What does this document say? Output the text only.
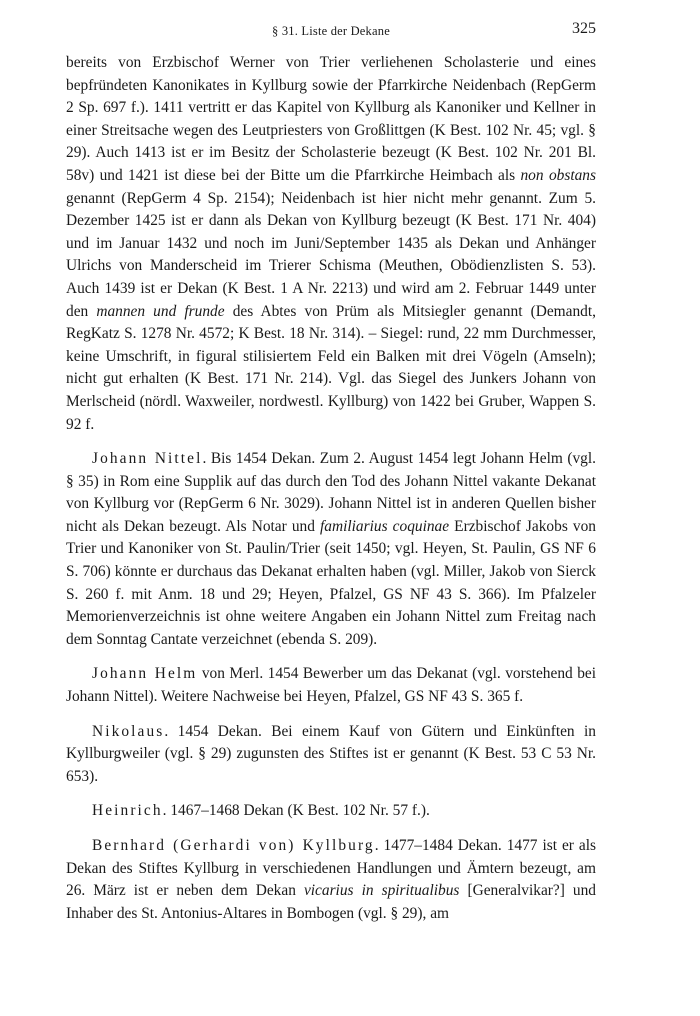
§ 31. Liste der Dekane	325

bereits von Erzbischof Werner von Trier verliehenen Scholasterie und eines bepfründeten Kanonikates in Kyllburg sowie der Pfarrkirche Neidenbach (RepGerm 2 Sp. 697 f.). 1411 vertritt er das Kapitel von Kyllburg als Kanoniker und Kellner in einer Streitsache wegen des Leutpriesters von Großlittgen (K Best. 102 Nr. 45; vgl. § 29). Auch 1413 ist er im Besitz der Scholasterie bezeugt (K Best. 102 Nr. 201 Bl. 58v) und 1421 ist diese bei der Bitte um die Pfarrkirche Heimbach als non obstans genannt (RepGerm 4 Sp. 2154); Neidenbach ist hier nicht mehr genannt. Zum 5. Dezember 1425 ist er dann als Dekan von Kyllburg bezeugt (K Best. 171 Nr. 404) und im Januar 1432 und noch im Juni/September 1435 als Dekan und Anhänger Ulrichs von Manderscheid im Trierer Schisma (Meuthen, Obödienzlisten S. 53). Auch 1439 ist er Dekan (K Best. 1 A Nr. 2213) und wird am 2. Februar 1449 unter den mannen und frunde des Abtes von Prüm als Mitsiegler genannt (Demandt, RegKatz S. 1278 Nr. 4572; K Best. 18 Nr. 314). – Siegel: rund, 22 mm Durchmesser, keine Umschrift, in figural stilisiertem Feld ein Balken mit drei Vögeln (Amseln); nicht gut erhalten (K Best. 171 Nr. 214). Vgl. das Siegel des Junkers Johann von Merlscheid (nördl. Waxweiler, nordwestl. Kyllburg) von 1422 bei Gruber, Wappen S. 92 f.

Johann Nittel. Bis 1454 Dekan. Zum 2. August 1454 legt Johann Helm (vgl. § 35) in Rom eine Supplik auf das durch den Tod des Johann Nittel vakante Dekanat von Kyllburg vor (RepGerm 6 Nr. 3029). Johann Nittel ist in anderen Quellen bisher nicht als Dekan bezeugt. Als Notar und familiarius coquinae Erzbischof Jakobs von Trier und Kanoniker von St. Paulin/Trier (seit 1450; vgl. Heyen, St. Paulin, GS NF 6 S. 706) könnte er durchaus das Dekanat erhalten haben (vgl. Miller, Jakob von Sierck S. 260 f. mit Anm. 18 und 29; Heyen, Pfalzel, GS NF 43 S. 366). Im Pfalzeler Memorienverzeichnis ist ohne weitere Angaben ein Johann Nittel zum Freitag nach dem Sonntag Cantate verzeichnet (ebenda S. 209).

Johann Helm von Merl. 1454 Bewerber um das Dekanat (vgl. vorstehend bei Johann Nittel). Weitere Nachweise bei Heyen, Pfalzel, GS NF 43 S. 365 f.

Nikolaus. 1454 Dekan. Bei einem Kauf von Gütern und Einkünften in Kyllburgweiler (vgl. § 29) zugunsten des Stiftes ist er genannt (K Best. 53 C 53 Nr. 653).

Heinrich. 1467–1468 Dekan (K Best. 102 Nr. 57 f.).

Bernhard (Gerhardi von) Kyllburg. 1477–1484 Dekan. 1477 ist er als Dekan des Stiftes Kyllburg in verschiedenen Handlungen und Ämtern bezeugt, am 26. März ist er neben dem Dekan vicarius in spiritualibus [Generalvikar?] und Inhaber des St. Antonius-Altares in Bombogen (vgl. § 29), am
